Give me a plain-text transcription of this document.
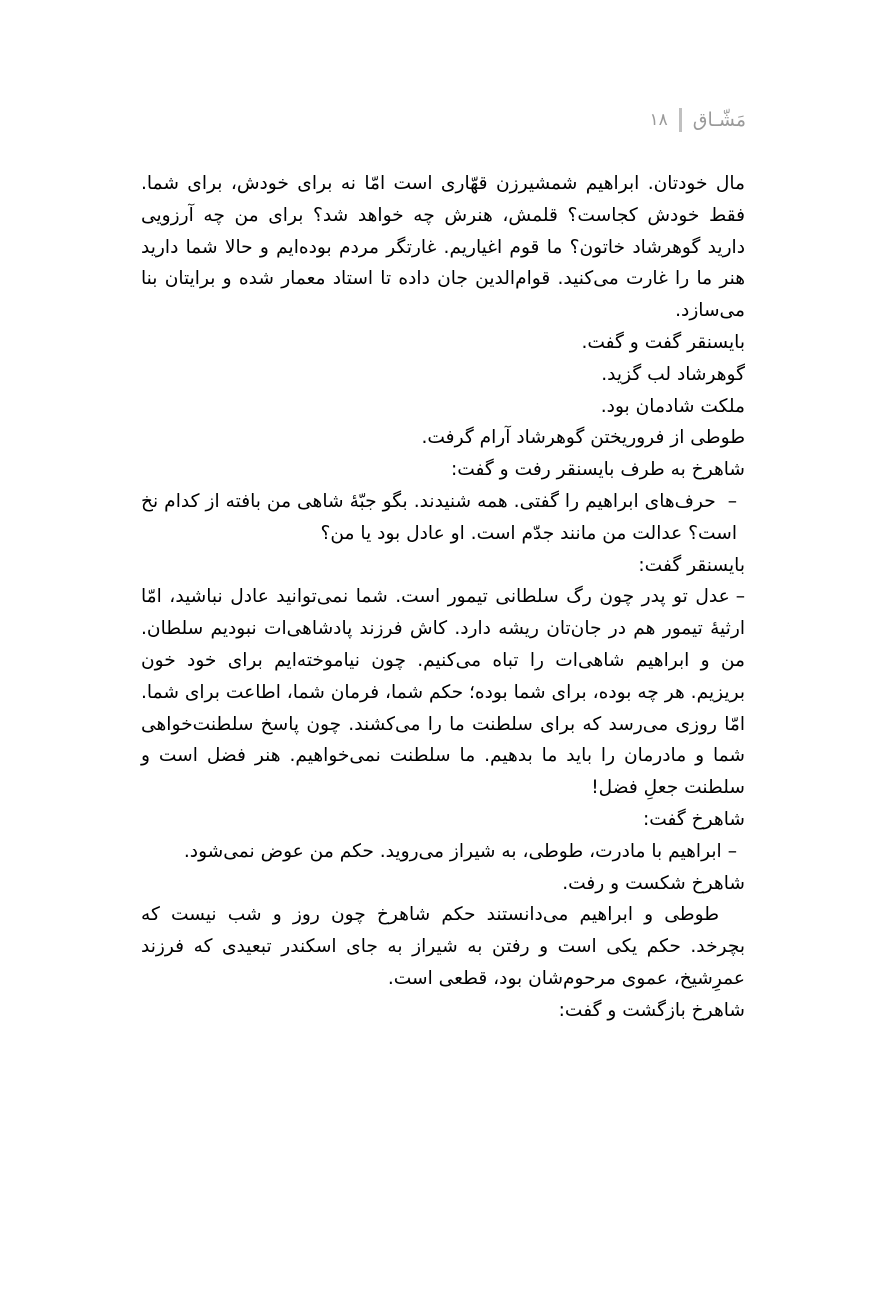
مَشّـاق
۱۸

مال خودتان. ابراهیم شمشیرزن قهّاری است امّا نه برای خودش، برای شما. فقط خودش کجاست؟ قلمش، هنرش چه خواهد شد؟ برای من چه آرزویی دارید گوهرشاد خاتون؟ ما قوم اغیاریم. غارتگر مردم بوده‌ایم و حالا شما دارید هنر ما را غارت می‌کنید. قوام‌الدین جان داده تا استاد معمار شده و برایتان بنا می‌سازد.

بایسنقر گفت و گفت.

گوهرشاد لب گزید.

ملکت شادمان بود.

طوطی از فروریختن گوهرشاد آرام گرفت.

شاهرخ به طرف بایسنقر رفت و گفت:

–حرف‌های ابراهیم را گفتی. همه شنیدند. بگو جبّهٔ شاهی من بافته از کدام نخ است؟ عدالت من مانند جدّم است. او عادل بود یا من؟

بایسنقر گفت:

–عدل تو پدر چون رگ سلطانی تیمور است. شما نمی‌توانید عادل نباشید، امّا ارثیهٔ تیمور هم در جان‌تان ریشه دارد. کاش فرزند پادشاهی‌ات نبودیم سلطان. من و ابراهیم شاهی‌ات را تباه می‌کنیم. چون نیاموخته‌ایم برای خود خون بریزیم. هر چه بوده، برای شما بوده؛ حکم شما، فرمان شما، اطاعت برای شما. امّا روزی می‌رسد که برای سلطنت ما را می‌کشند. چون پاسخ سلطنت‌خواهی شما و مادرمان را باید ما بدهیم. ما سلطنت نمی‌خواهیم. هنر فضل است و سلطنت جعلِ فضل!

شاهرخ گفت:

–ابراهیم با مادرت، طوطی، به شیراز می‌روید. حکم من عوض نمی‌شود.

شاهرخ شکست و رفت.

طوطی و ابراهیم می‌دانستند حکم شاهرخ چون روز و شب نیست که بچرخد. حکم یکی است و رفتن به شیراز به جای اسکندر تبعیدی که فرزند عمرِشیخ، عموی مرحوم‌شان بود، قطعی است.

شاهرخ بازگشت و گفت:
